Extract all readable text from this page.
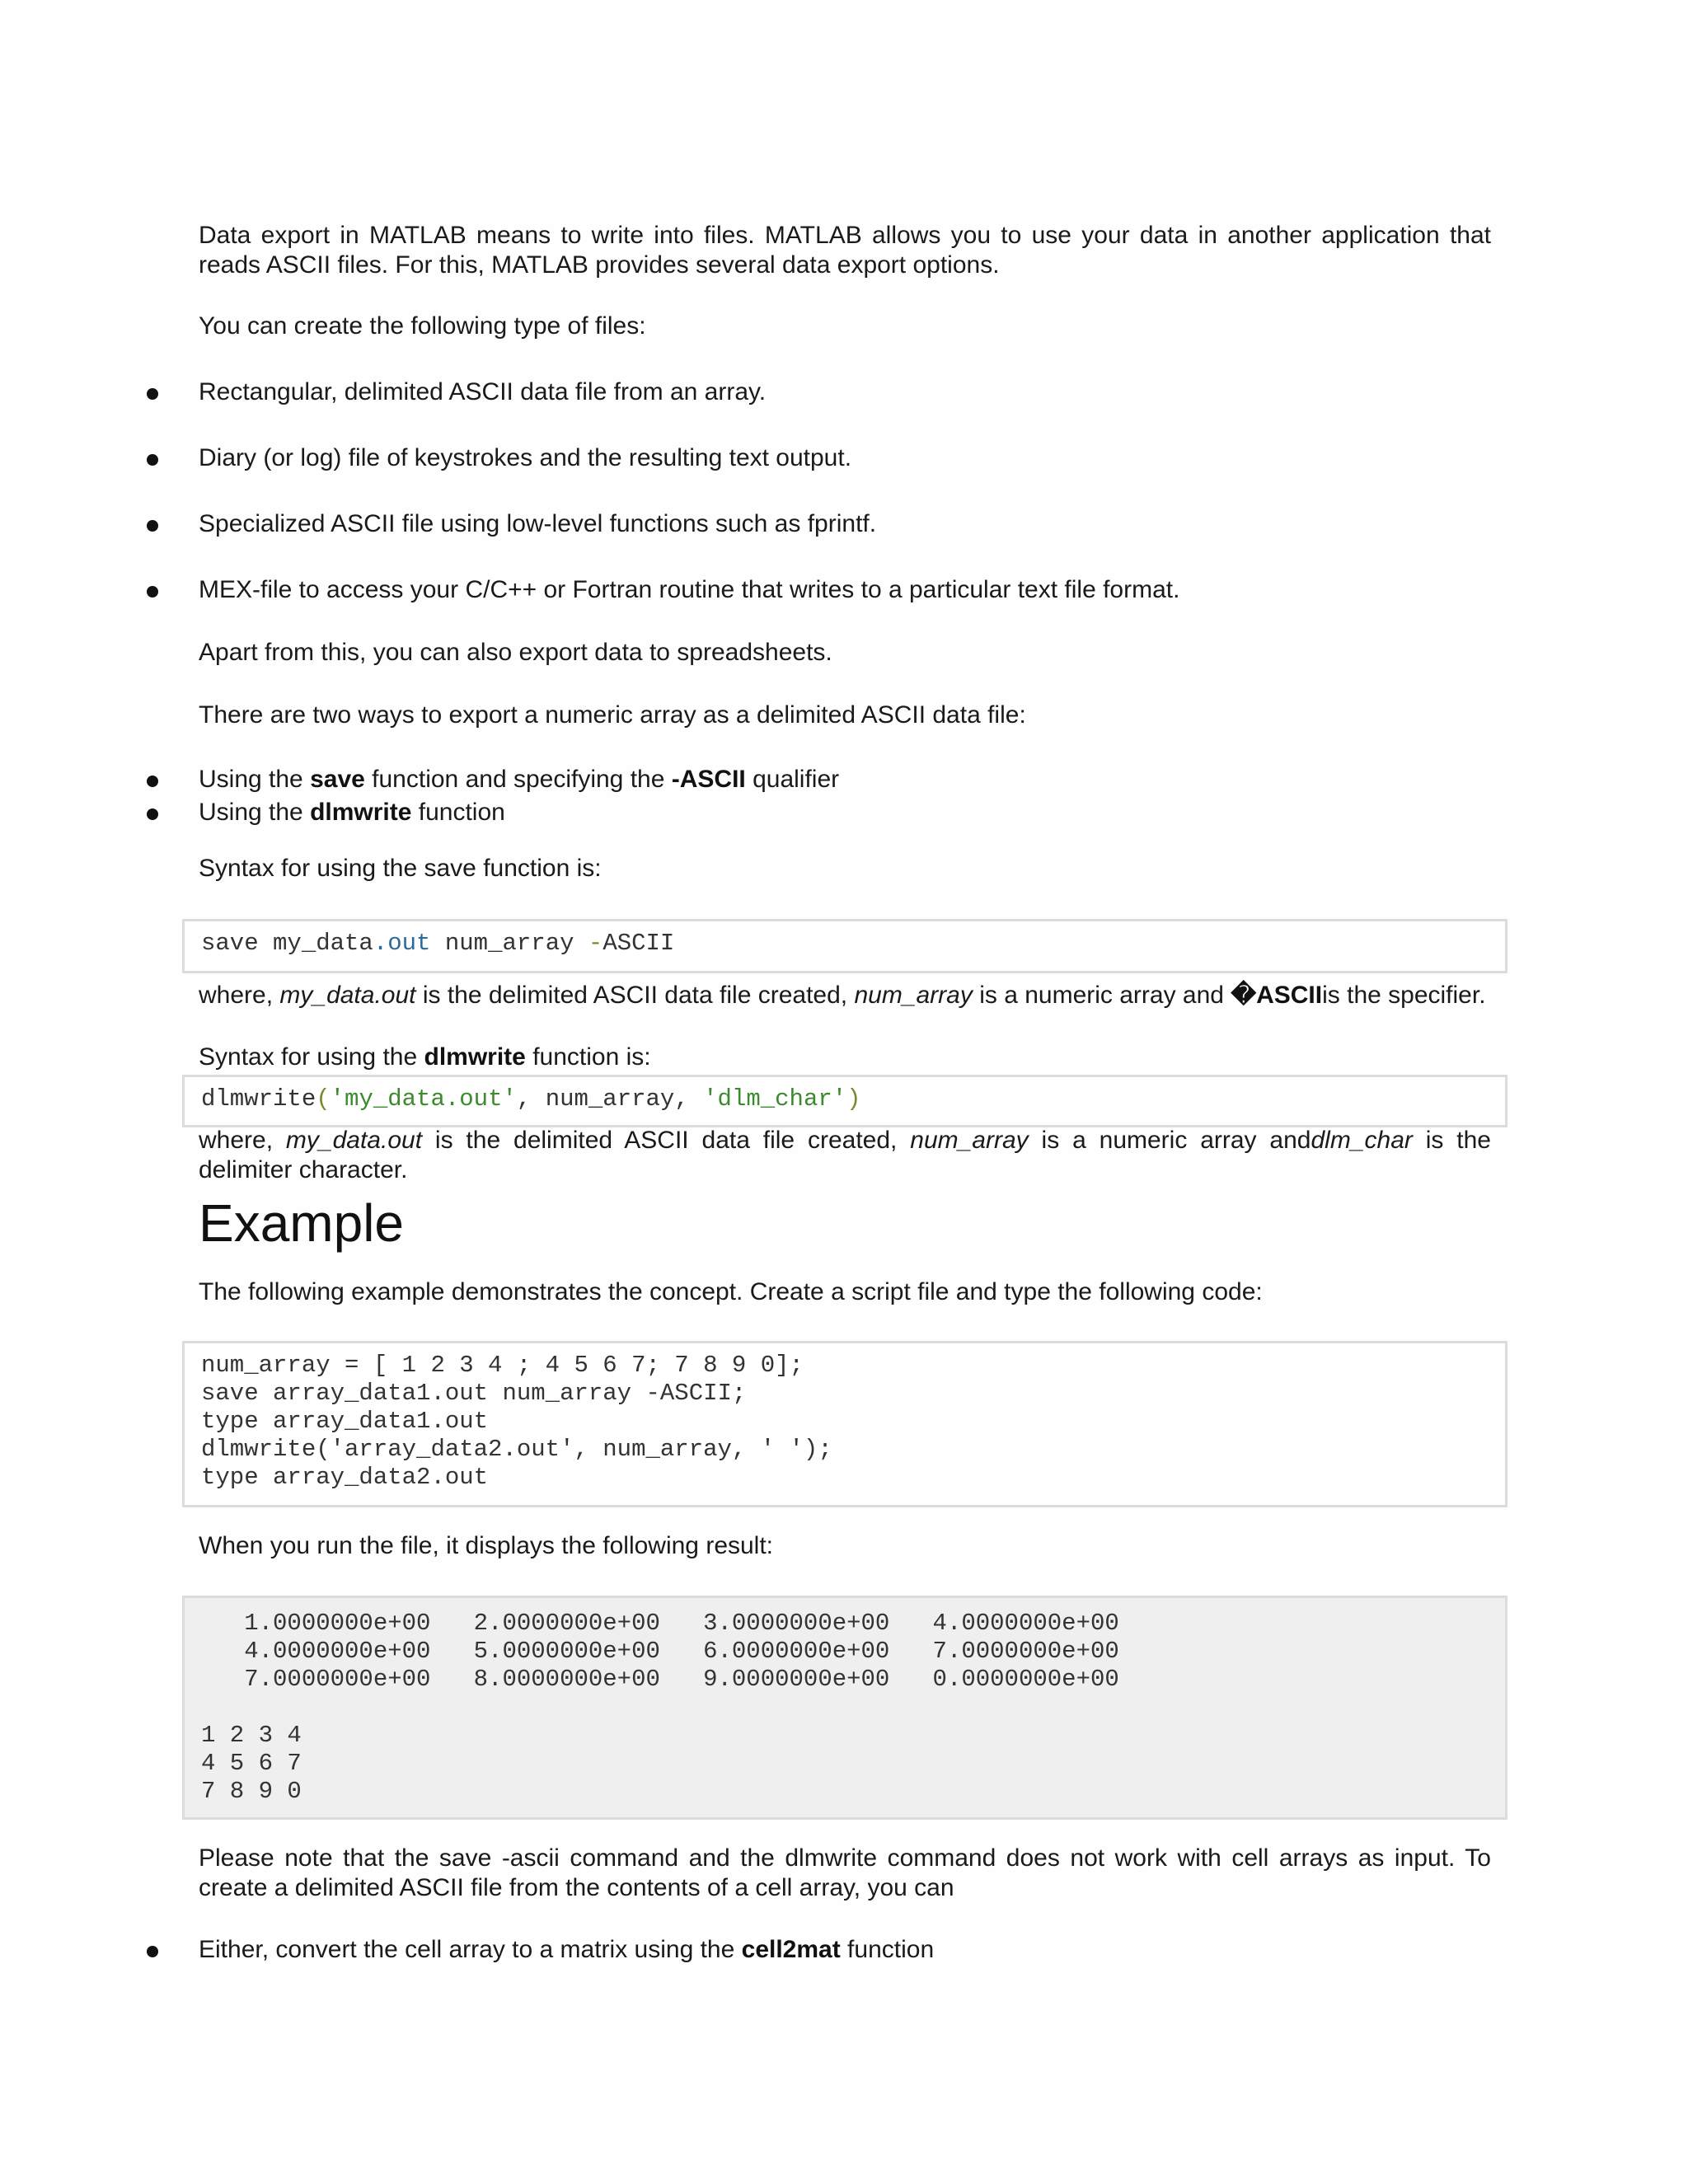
Data export in MATLAB means to write into files. MATLAB allows you to use your data in another application that reads ASCII files. For this, MATLAB provides several data export options.

You can create the following type of files:

Rectangular, delimited ASCII data file from an array.

Diary (or log) file of keystrokes and the resulting text output.

Specialized ASCII file using low-level functions such as fprintf.

MEX-file to access your C/C++ or Fortran routine that writes to a particular text file format.

Apart from this, you can also export data to spreadsheets.

There are two ways to export a numeric array as a delimited ASCII data file:

Using the save function and specifying the -ASCII qualifier

Using the dlmwrite function

Syntax for using the save function is:

save my_data.out num_array -ASCII

where, my_data.out is the delimited ASCII data file created, num_array is a numeric array and �ASCIIis the specifier.

Syntax for using the dlmwrite function is:

dlmwrite('my_data.out', num_array, 'dlm_char')

where, my_data.out is the delimited ASCII data file created, num_array is a numeric array anddlm_char is the delimiter character.

Example

The following example demonstrates the concept. Create a script file and type the following code:

num_array = [ 1 2 3 4 ; 4 5 6 7; 7 8 9 0];
save array_data1.out num_array -ASCII;
type array_data1.out
dlmwrite('array_data2.out', num_array, ' ');
type array_data2.out

When you run the file, it displays the following result:

1.0000000e+00   2.0000000e+00   3.0000000e+00   4.0000000e+00
4.0000000e+00   5.0000000e+00   6.0000000e+00   7.0000000e+00
7.0000000e+00   8.0000000e+00   9.0000000e+00   0.0000000e+00
1 2 3 4
4 5 6 7
7 8 9 0

Please note that the save -ascii command and the dlmwrite command does not work with cell arrays as input. To create a delimited ASCII file from the contents of a cell array, you can

Either, convert the cell array to a matrix using the cell2mat function
